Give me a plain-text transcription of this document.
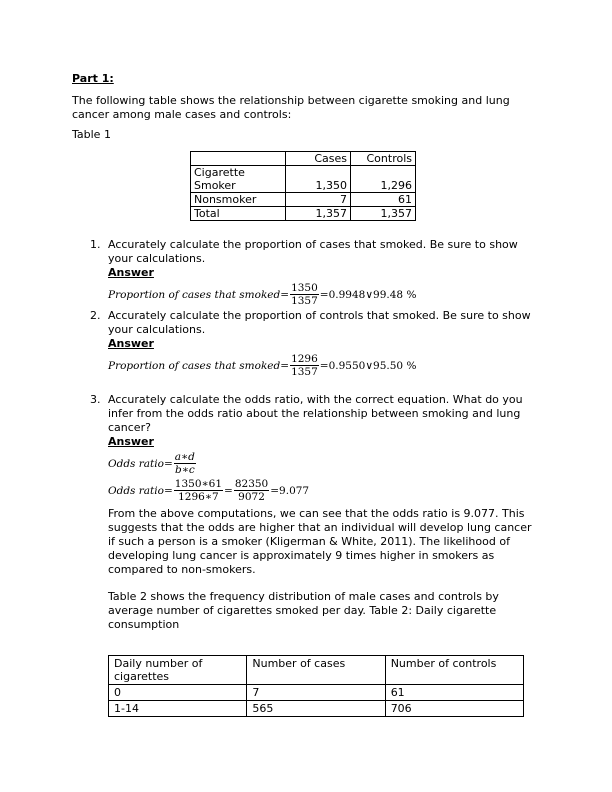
Part 1:
The following table shows the relationship between cigarette smoking and lung cancer among male cases and controls:
Table 1
	Cases	Controls
Cigarette Smoker	1,350	1,296
Nonsmoker	7	61
Total	1,357	1,357
1. Accurately calculate the proportion of cases that smoked. Be sure to show your calculations.
Answer
Proportion of cases that smoked = $\frac{1350}{1357} = 0.9948$ ∨ 99.48 %
2. Accurately calculate the proportion of controls that smoked. Be sure to show your calculations.
Answer
Proportion of cases that smoked = $\frac{1296}{1357} = 0.9550$ ∨ 95.50 %
3. Accurately calculate the odds ratio, with the correct equation. What do you infer from the odds ratio about the relationship between smoking and lung cancer?
Answer
Odds ratio = $\frac{a∗d}{b∗c}$
Odds ratio = $\frac{1350∗61}{1296∗7} = \frac{82350}{9072} = 9.077$
From the above computations, we can see that the odds ratio is 9.077. This suggests that the odds are higher that an individual will develop lung cancer if such a person is a smoker (Kligerman & White, 2011). The likelihood of developing lung cancer is approximately 9 times higher in smokers as compared to non-smokers.
Table 2 shows the frequency distribution of male cases and controls by average number of cigarettes smoked per day. Table 2: Daily cigarette consumption
Daily number of cigarettes	Number of cases	Number of controls
0	7	61
1-14	565	706
